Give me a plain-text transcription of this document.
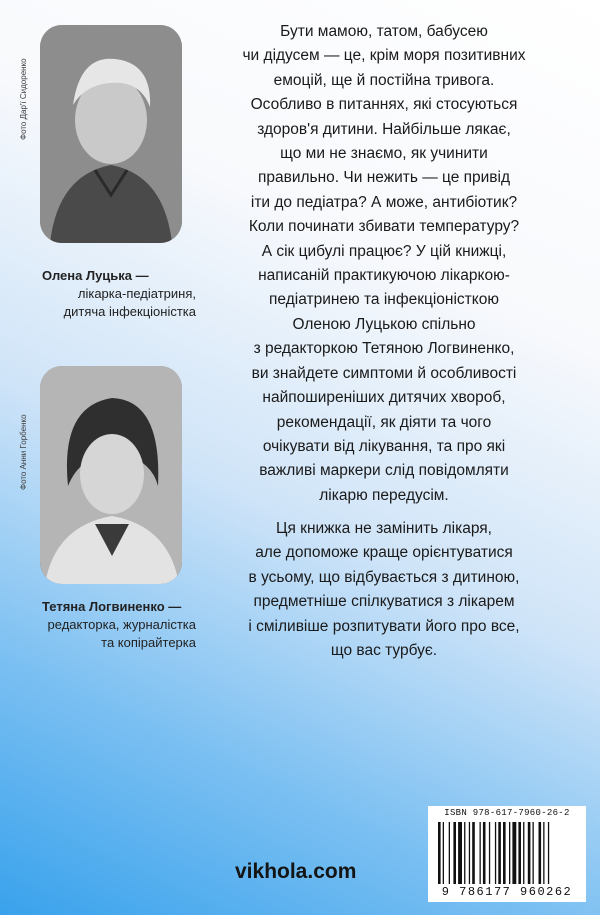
Фото Дар'ї Сидоренко
Олена Луцька —
лікарка-педіатриня,
дитяча інфекціоністка
Фото Анни Горбенко
Тетяна Логвиненко —
редакторка, журналістка
та копірайтерка
Бути мамою, татом, бабусею
чи дідусем — це, крім моря позитивних
емоцій, ще й постійна тривога.
Особливо в питаннях, які стосуються
здоров'я дитини. Найбільше лякає,
що ми не знаємо, як учинити
правильно. Чи нежить — це привід
іти до педіатра? А може, антибіотик?
Коли починати збивати температуру?
А сік цибулі працює? У цій книжці,
написаній практикуючою лікаркою-
педіатринею та інфекціоністкою
Оленою Луцькою спільно
з редакторкою Тетяною Логвиненко,
ви знайдете симптоми й особливості
найпоширеніших дитячих хвороб,
рекомендації, як діяти та чого
очікувати від лікування, та про які
важливі маркери слід повідомляти
лікарю передусім.
Ця книжка не замінить лікаря,
але допоможе краще орієнтуватися
в усьому, що відбувається з дитиною,
предметніше спілкуватися з лікарем
і сміливіше розпитувати його про все,
що вас турбує.
vikhola.com
ISBN 978-617-7960-26-2
9 786177 960262
